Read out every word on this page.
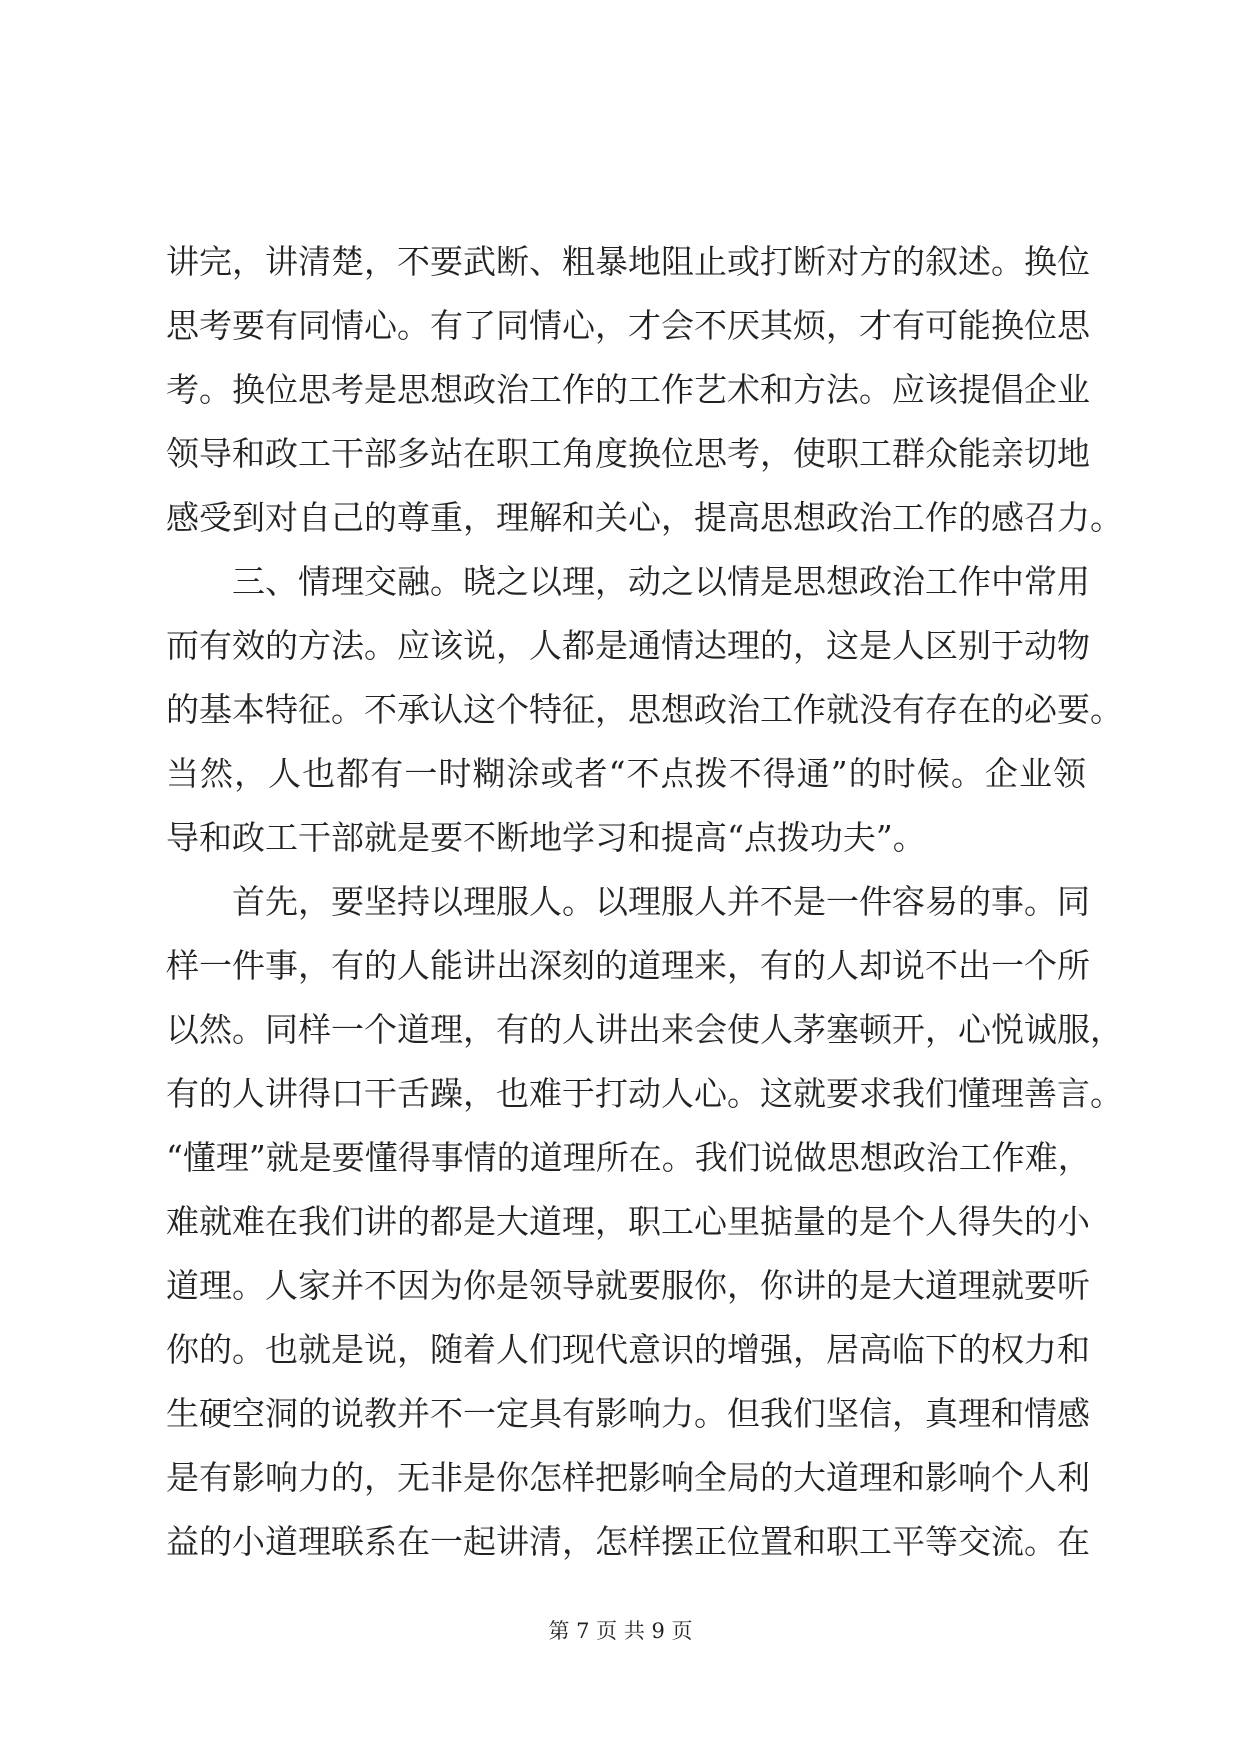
讲完，讲清楚，不要武断、粗暴地阻止或打断对方的叙述。换位
思考要有同情心。有了同情心，才会不厌其烦，才有可能换位思
考。换位思考是思想政治工作的工作艺术和方法。应该提倡企业
领导和政工干部多站在职工角度换位思考，使职工群众能亲切地
感受到对自己的尊重，理解和关心，提高思想政治工作的感召力。
三、情理交融。晓之以理，动之以情是思想政治工作中常用
而有效的方法。应该说，人都是通情达理的，这是人区别于动物
的基本特征。不承认这个特征，思想政治工作就没有存在的必要。
当然，人也都有一时糊涂或者“不点拨不得通”的时候。企业领
导和政工干部就是要不断地学习和提高“点拨功夫”。
首先，要坚持以理服人。以理服人并不是一件容易的事。同
样一件事，有的人能讲出深刻的道理来，有的人却说不出一个所
以然。同样一个道理，有的人讲出来会使人茅塞顿开，心悦诚服，
有的人讲得口干舌躁，也难于打动人心。这就要求我们懂理善言。
“懂理”就是要懂得事情的道理所在。我们说做思想政治工作难，
难就难在我们讲的都是大道理，职工心里掂量的是个人得失的小
道理。人家并不因为你是领导就要服你，你讲的是大道理就要听
你的。也就是说，随着人们现代意识的增强，居高临下的权力和
生硬空洞的说教并不一定具有影响力。但我们坚信，真理和情感
是有影响力的，无非是你怎样把影响全局的大道理和影响个人利
益的小道理联系在一起讲清，怎样摆正位置和职工平等交流。在
第 7 页 共 9 页
